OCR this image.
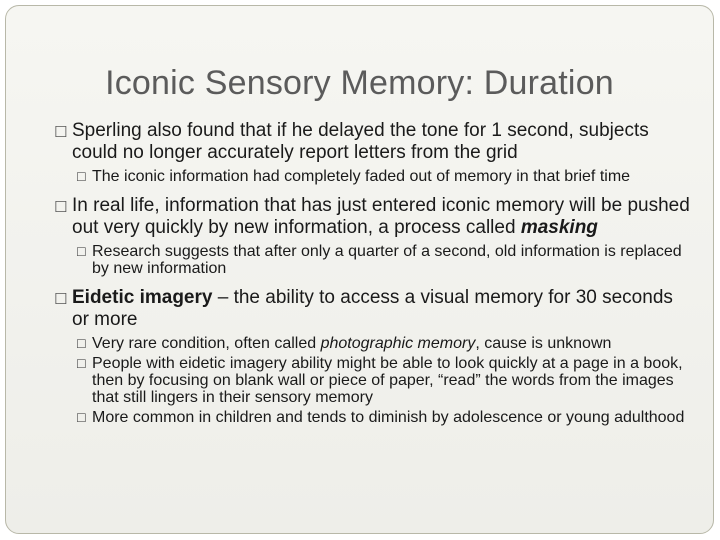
Iconic Sensory Memory: Duration
☐ Sperling also found that if he delayed the tone for 1 second, subjects could no longer accurately report letters from the grid
☐ The iconic information had completely faded out of memory in that brief time
☐ In real life, information that has just entered iconic memory will be pushed out very quickly by new information, a process called masking
☐ Research suggests that after only a quarter of a second, old information is replaced by new information
☐ Eidetic imagery – the ability to access a visual memory for 30 seconds or more
☐ Very rare condition, often called photographic memory, cause is unknown
☐ People with eidetic imagery ability might be able to look quickly at a page in a book, then by focusing on blank wall or piece of paper, “read” the words from the images that still lingers in their sensory memory
☐ More common in children and tends to diminish by adolescence or young adulthood
